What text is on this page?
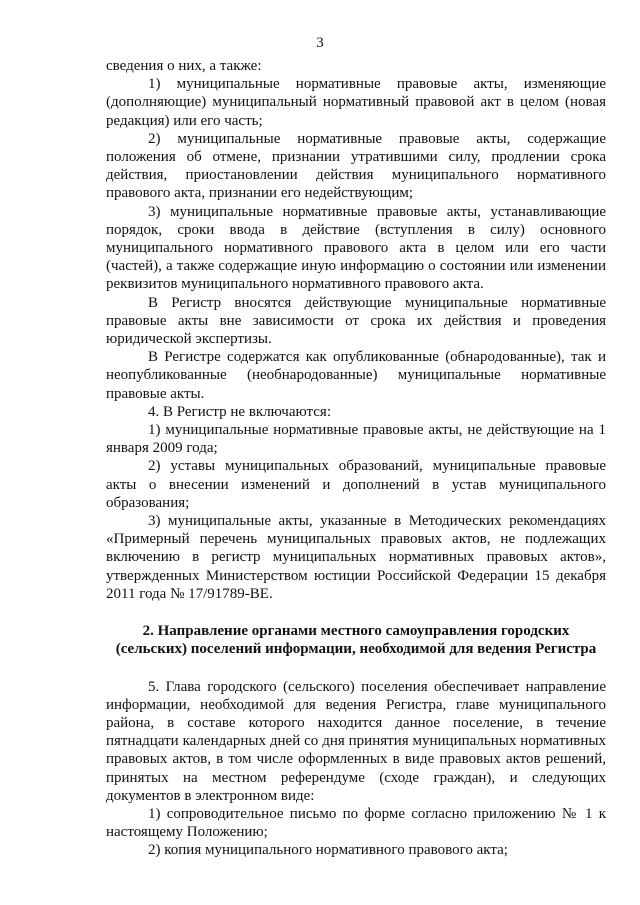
3

сведения о них, а также:

1) муниципальные нормативные правовые акты, изменяющие (дополняющие) муниципальный нормативный правовой акт в целом (новая редакция) или его часть;

2) муниципальные нормативные правовые акты, содержащие положения об отмене, признании утратившими силу, продлении срока действия, приостановлении действия муниципального нормативного правового акта, признании его недействующим;

3) муниципальные нормативные правовые акты, устанавливающие порядок, сроки ввода в действие (вступления в силу) основного муниципального нормативного правового акта в целом или его части (частей), а также содержащие иную информацию о состоянии или изменении реквизитов муниципального нормативного правового акта.

В Регистр вносятся действующие муниципальные нормативные правовые акты вне зависимости от срока их действия и проведения юридической экспертизы.

В Регистре содержатся как опубликованные (обнародованные), так и неопубликованные (необнародованные) муниципальные нормативные правовые акты.

4. В Регистр не включаются:

1) муниципальные нормативные правовые акты, не действующие на 1 января 2009 года;

2) уставы муниципальных образований, муниципальные правовые акты о внесении изменений и дополнений в устав муниципального образования;

3) муниципальные акты, указанные в Методических рекомендациях «Примерный перечень муниципальных правовых актов, не подлежащих включению в регистр муниципальных нормативных правовых актов», утвержденных Министерством юстиции Российской Федерации 15 декабря 2011 года № 17/91789-ВЕ.

2. Направление органами местного самоуправления городских

(сельских) поселений информации, необходимой для ведения Регистра

5. Глава городского (сельского) поселения обеспечивает направление информации, необходимой для ведения Регистра, главе муниципального района, в составе которого находится данное поселение, в течение пятнадцати календарных дней со дня принятия муниципальных нормативных правовых актов, в том числе оформленных в виде правовых актов решений, принятых на местном референдуме (сходе граждан), и следующих документов в электронном виде:

1) сопроводительное письмо по форме согласно приложению № 1 к настоящему Положению;

2) копия муниципального нормативного правового акта;
